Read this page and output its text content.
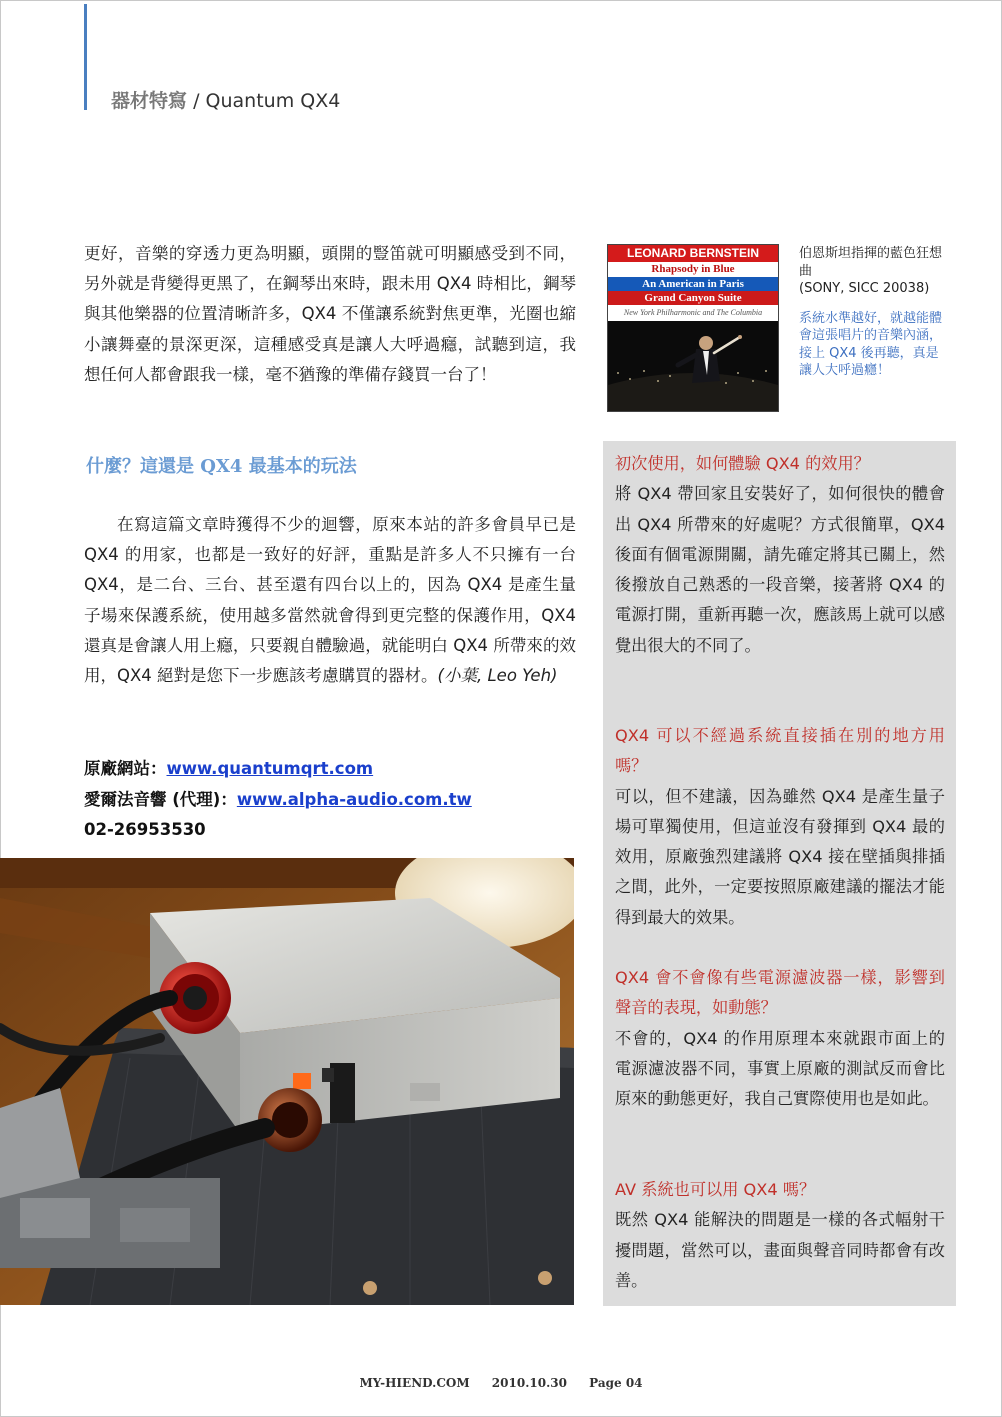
器材特寫 / Quantum QX4
更好，音樂的穿透力更為明顯，頭開的豎笛就可明顯感受到不同，另外就是背變得更黑了，在鋼琴出來時，跟未用 QX4 時相比，鋼琴與其他樂器的位置清晰許多，QX4 不僅讓系統對焦更準，光圈也縮小讓舞臺的景深更深，這種感受真是讓人大呼過癮，試聽到這，我想任何人都會跟我一樣，毫不猶豫的準備存錢買一台了！
什麼？這還是 QX4 最基本的玩法
在寫這篇文章時獲得不少的迴響，原來本站的許多會員早已是 QX4 的用家，也都是一致好的好評，重點是許多人不只擁有一台 QX4，是二台、三台、甚至還有四台以上的，因為 QX4 是產生量子場來保護系統，使用越多當然就會得到更完整的保護作用，QX4 還真是會讓人用上癮，只要親自體驗過，就能明白 QX4 所帶來的效用，QX4 絕對是您下一步應該考慮購買的器材。(小葉, Leo Yeh)
原廠網站：www.quantumqrt.com
愛爾法音響 (代理)：www.alpha-audio.com.tw
02-26953530
LEONARD BERNSTEIN
Rhapsody in Blue
An American in Paris
Grand Canyon Suite
New York Philharmonic and The Columbia
伯恩斯坦指揮的藍色狂想曲
(SONY, SICC 20038)
系統水準越好，就越能體會這張唱片的音樂內涵，接上 QX4 後再聽，真是讓人大呼過癮！
初次使用，如何體驗 QX4 的效用？
將 QX4 帶回家且安裝好了，如何很快的體會出 QX4 所帶來的好處呢？方式很簡單，QX4 後面有個電源開關，請先確定將其已關上，然後撥放自己熟悉的一段音樂，接著將 QX4 的電源打開，重新再聽一次，應該馬上就可以感覺出很大的不同了。
QX4 可以不經過系統直接插在別的地方用嗎？
可以，但不建議，因為雖然 QX4 是產生量子場可單獨使用，但這並沒有發揮到 QX4 最的效用，原廠強烈建議將 QX4 接在壁插與排插之間，此外，一定要按照原廠建議的擺法才能得到最大的效果。
QX4 會不會像有些電源濾波器一樣，影響到聲音的表現，如動態？
不會的，QX4 的作用原理本來就跟市面上的電源濾波器不同，事實上原廠的測試反而會比原來的動態更好，我自己實際使用也是如此。
AV 系統也可以用 QX4 嗎？
既然 QX4 能解決的問題是一樣的各式幅射干擾問題，當然可以，畫面與聲音同時都會有改善。
MY-HIEND.COM 2010.10.30 Page 04
